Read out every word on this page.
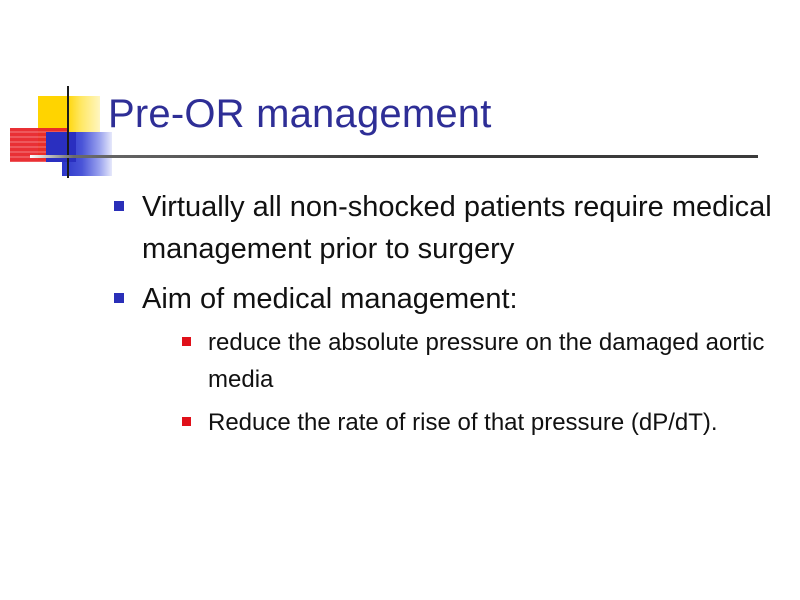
Pre-OR management
Virtually all non-shocked patients require medical management prior to surgery
Aim of medical management:
reduce the absolute pressure on the damaged aortic media
Reduce the rate of rise of that pressure (dP/dT).
